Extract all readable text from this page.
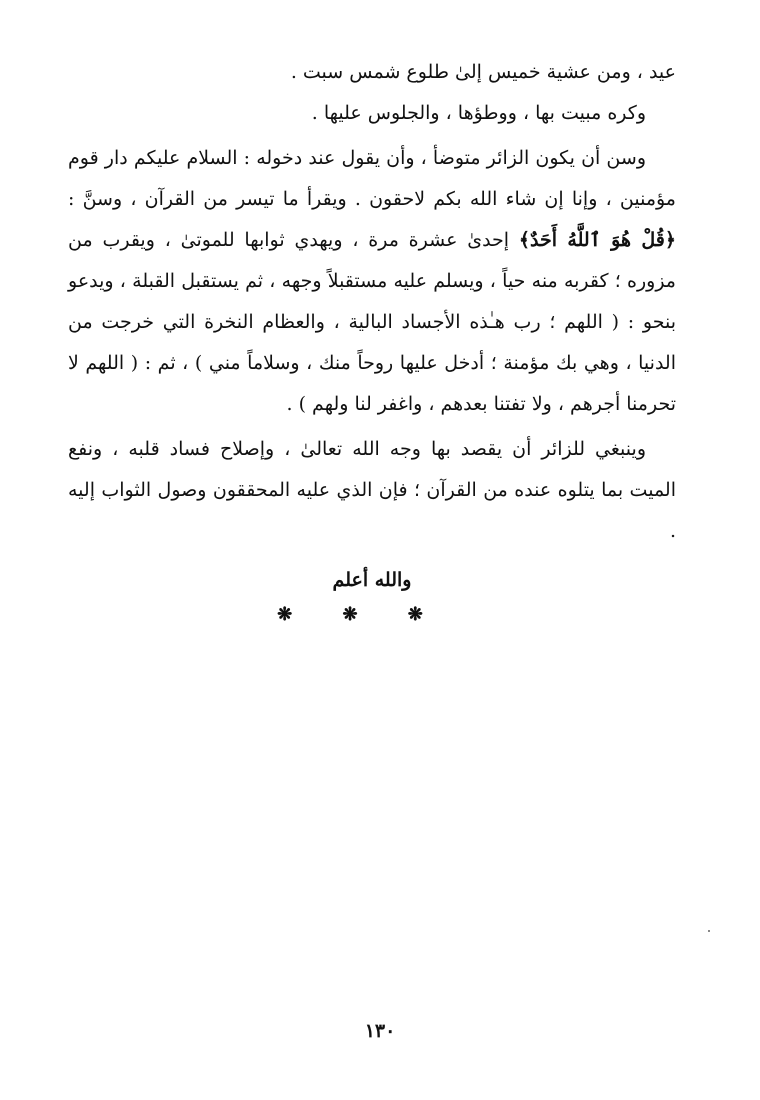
عيد ، ومن عشية خميس إلىٰ طلوع شمس سبت .

وكره مبيت بها ، ووطؤها ، والجلوس عليها .

وسن أن يكون الزائر متوضأ ، وأن يقول عند دخوله : السلام عليكم دار قوم مؤمنين ، وإنا إن شاء الله بكم لاحقون . ويقرأ ما تيسر من القرآن ، وسنَّ : ﴿قُلْ هُوَ ٱللَّهُ أَحَدٌ﴾ إحدىٰ عشرة مرة ، ويهدي ثوابها للموتىٰ ، ويقرب من مزوره ؛ كقربه منه حياً ، ويسلم عليه مستقبلاً وجهه ، ثم يستقبل القبلة ، ويدعو بنحو : ( اللهم ؛ رب هـٰذه الأجساد البالية ، والعظام النخرة التي خرجت من الدنيا ، وهي بك مؤمنة ؛ أدخل عليها روحاً منك ، وسلاماً مني ) ، ثم : ( اللهم لا تحرمنا أجرهم ، ولا تفتنا بعدهم ، واغفر لنا ولهم ) .

وينبغي للزائر أن يقصد بها وجه الله تعالىٰ ، وإصلاح فساد قلبه ، ونفع الميت بما يتلوه عنده من القرآن ؛ فإن الذي عليه المحققون وصول الثواب إليه .

والله أعلم
❋ ❋ ❋
١٣٠
